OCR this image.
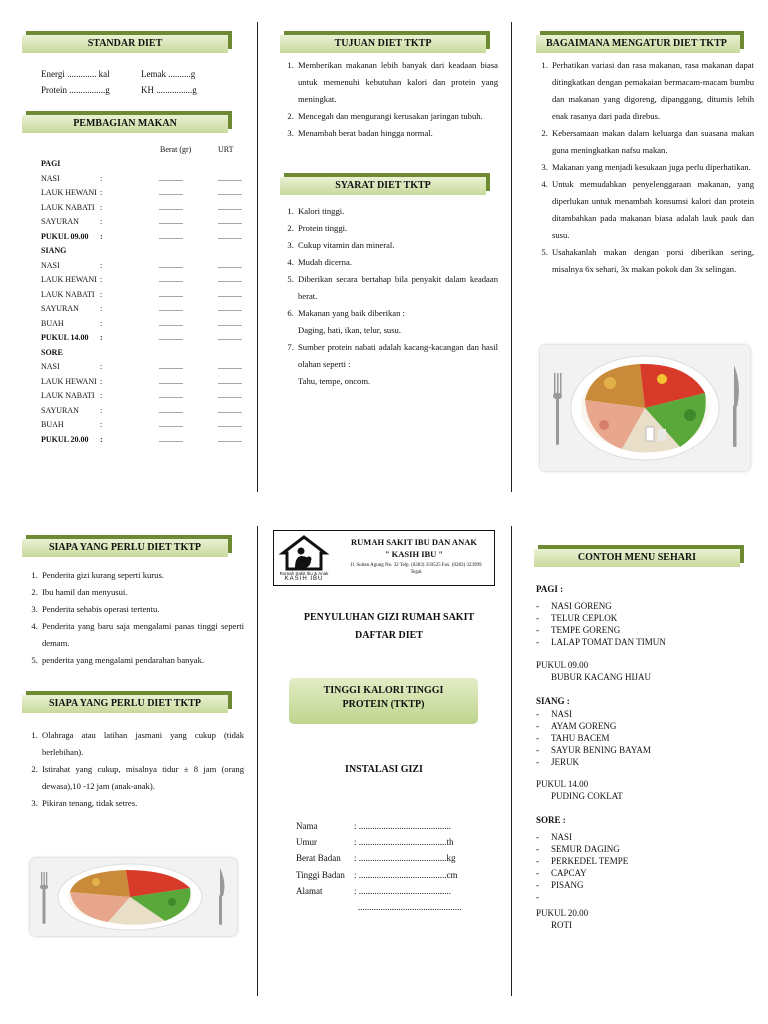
STANDAR DIET
Energi ............. kal	Lemak ..........g
Protein ................g	KH ................g
PEMBAGIAN MAKAN
Berat (gr)	URT
PAGI
NASI	:	............	............
LAUK HEWANI :	............	............
LAUK NABATI :	............	............
SAYURAN	:	............	............
PUKUL 09.00 :	............	............
SIANG
NASI	:	............	............
LAUK HEWANI :	............	............
LAUK NABATI :	............	............
SAYURAN	:	............	............
BUAH	:	............	............
PUKUL 14.00 :	............	............
SORE
NASI	:	............	............
LAUK HEWANI :	............	............
LAUK NABATI :	............	............
SAYURAN	:	............	............
BUAH	:	............	............
PUKUL 20.00 :	............	............
TUJUAN DIET TKTP
1. Memberikan makanan lebih banyak dari keadaan biasa untuk memenuhi kebutuhan kalori dan protein yang meningkat.
2. Mencegah dan mengurangi kerusakan jaringan tubuh.
3. Menambah berat badan hingga normal.
SYARAT DIET TKTP
1. Kalori tinggi.
2. Protein tinggi.
3. Cukup vitamin dan mineral.
4. Mudah dicerna.
5. Diberikan secara bertahap bila penyakit dalam keadaan berat.
6. Makanan yang baik diberikan :
Daging, hati, ikan, telur, susu.
7. Sumber protein nabati adalah kacang-kacangan dan hasil olahan seperti :
Tahu, tempe, oncom.
BAGAIMANA MENGATUR DIET TKTP
1. Perhatikan variasi dan rasa makanan, rasa makanan dapat ditingkatkan dengan pemakaian bermacam-macam bumbu dan makanan yang digoreng, dipanggang, ditumis lebih enak rasanya dari pada direbus.
2. Kebersamaan makan dalam keluarga dan suasana makan guna meningkatkan nafsu makan.
3. Makanan yang menjadi kesukaan juga perlu diperhatikan.
4. Untuk memudahkan penyelenggaraan makanan, yang diperlukan untuk menambah konsumsi kalori dan protein ditambahkan pada makanan biasa adalah lauk pauk dan susu.
5. Usahakanlah makan dengan porsi diberikan sering, misalnya 6x sehari, 3x makan pokok dan 3x selingan.
SIAPA YANG PERLU DIET TKTP
1. Penderita gizi kurang seperti kurus.
2. Ibu hamil dan menyusui.
3. Penderita sehabis operasi tertentu.
4. Penderita yang baru saja mengalami panas tinggi seperti demam.
5. penderita yang mengalami pendarahan banyak.
SIAPA YANG PERLU DIET TKTP
1. Olahraga atau latihan jasmani yang cukup (tidak berlebihan).
2. Istirahat yang cukup, misalnya tidur ± 8 jam (orang dewasa),10 -12 jam (anak-anak).
3. Pikiran tenang, tidak setres.
Rumah Sakit Ibu & Anak
KASIH IBU
RUMAH SAKIT IBU DAN ANAK
" KASIH IBU "
Jl. Sultan Agung No. 32 Telp. (0283) 359525 Fax. (0283) 323999 Tegal
PENYULUHAN GIZI RUMAH SAKIT
DAFTAR DIET
TINGGI KALORI TINGGI PROTEIN (TKTP)
INSTALASI GIZI
Nama	: .........................................
Umur	: .......................................th
Berat Badan : .......................................kg
Tinggi Badan : .......................................cm
Alamat	: .........................................
..............................................
CONTOH MENU SEHARI
PAGI :
- NASI GORENG
- TELUR CEPLOK
- TEMPE GORENG
- LALAP TOMAT DAN TIMUN
PUKUL 09.00
BUBUR KACANG HIJAU
SIANG :
- NASI
- AYAM GORENG
- TAHU BACEM
- SAYUR BENING BAYAM
- JERUK
PUKUL 14.00
PUDING COKLAT
SORE :
- NASI
- SEMUR DAGING
- PERKEDEL TEMPE
- CAPCAY
- PISANG
-
PUKUL 20.00
ROTI
